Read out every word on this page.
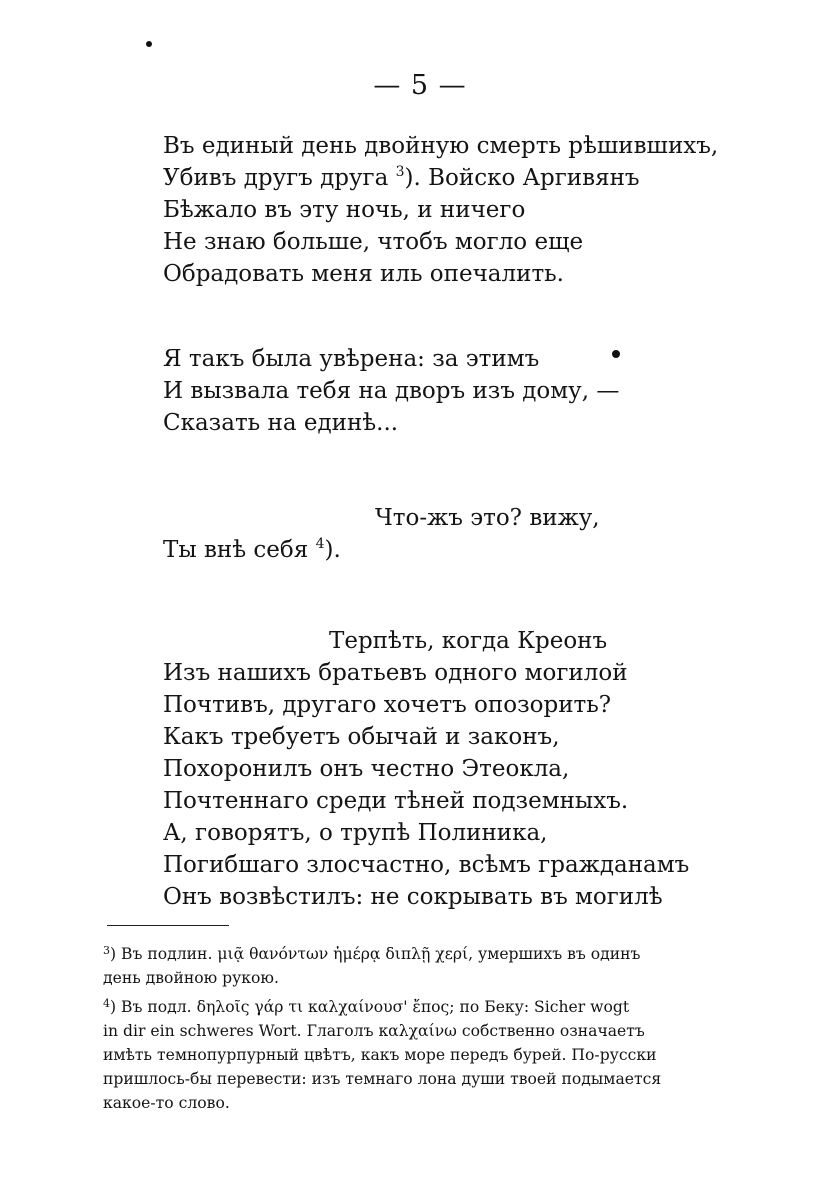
— 5 —
Въ единый день двойную смерть рѣшившихъ,
Убивъ другъ друга $^3$). Войско Аргивянъ
Бѣжало въ эту ночь, и ничего
Не знаю больше, чтобъ могло еще
Обрадовать меня иль опечалить.
Я такъ была увѣрена: за этимъ
И вызвала тебя на дворъ изъ дому, —
Сказать на единѣ...
Что-жъ это? вижу,
Ты внѣ себя $^4$).
Терпѣть, когда Креонъ
Изъ нашихъ братьевъ одного могилой
Почтивъ, другаго хочетъ опозорить?
Какъ требуетъ обычай и законъ,
Похоронилъ онъ честно Этеокла,
Почтеннаго среди тѣней подземныхъ.
А, говорятъ, о трупѣ Полиника,
Погибшаго злосчастно, всѣмъ гражданамъ
Онъ возвѣстилъ: не сокрывать въ могилѣ
$^3$) Въ подлин. μιᾷ θανόντων ἡμέρᾳ διπλῇ χερί, умершихъ въ одинъ
день двойною рукою.
$^4$) Въ подл. δηλοῖς γάρ τι καλχαίνουσ' ἔπος; по Беку: Sicher wogt
in dir ein schweres Wort. Глаголъ καλχαίνω собственно означаетъ
имѣть темнопурпурный цвѣтъ, какъ море передъ бурей. По-русски
пришлось-бы перевести: изъ темнаго лона души твоей подымается
какое-то слово.
